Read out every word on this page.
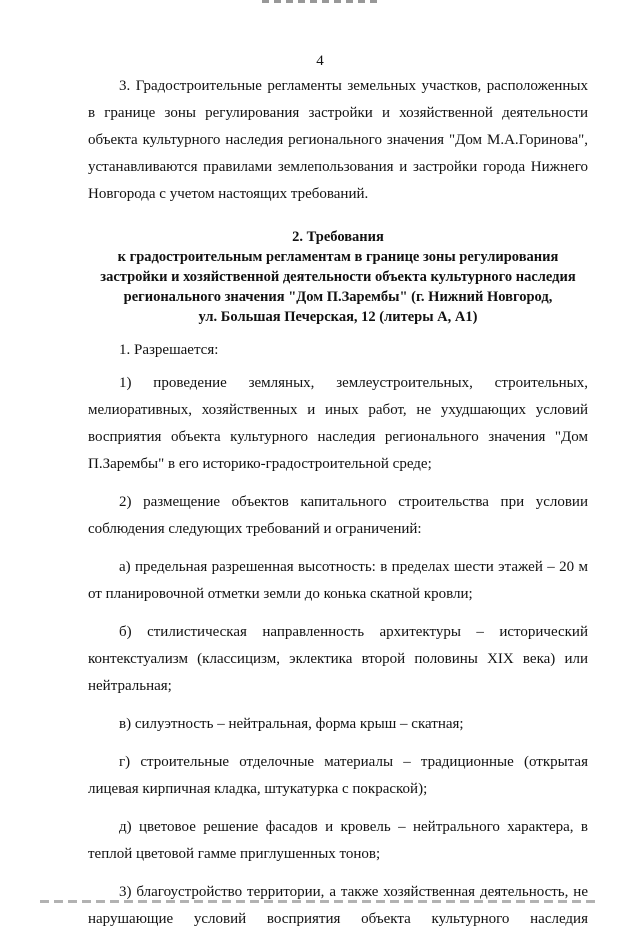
4

3. Градостроительные регламенты земельных участков, расположенных в границе зоны регулирования застройки и хозяйственной деятельности объекта культурного наследия регионального значения "Дом М.А.Горинова", устанавливаются правилами землепользования и застройки города Нижнего Новгорода с учетом настоящих требований.

2. Требования
к градостроительным регламентам в границе зоны регулирования
застройки и хозяйственной деятельности объекта культурного наследия
регионального значения "Дом П.Зарембы" (г. Нижний Новгород,
ул. Большая Печерская, 12 (литеры А, А1)

1. Разрешается:

1) проведение земляных, землеустроительных, строительных, мелиоративных, хозяйственных и иных работ, не ухудшающих условий восприятия объекта культурного наследия регионального значения "Дом П.Зарембы" в его историко-градостроительной среде;

2) размещение объектов капитального строительства при условии соблюдения следующих требований и ограничений:

а) предельная разрешенная высотность: в пределах шести этажей – 20 м от планировочной отметки земли до конька скатной кровли;

б) стилистическая направленность архитектуры – исторический контекстуализм (классицизм, эклектика второй половины XIX века) или нейтральная;

в) силуэтность – нейтральная, форма крыш – скатная;

г) строительные отделочные материалы – традиционные (открытая лицевая кирпичная кладка, штукатурка с покраской);

д) цветовое решение фасадов и кровель – нейтрального характера, в теплой цветовой гамме приглушенных тонов;

3) благоустройство территории, а также хозяйственная деятельность, не нарушающие условий восприятия объекта культурного наследия
